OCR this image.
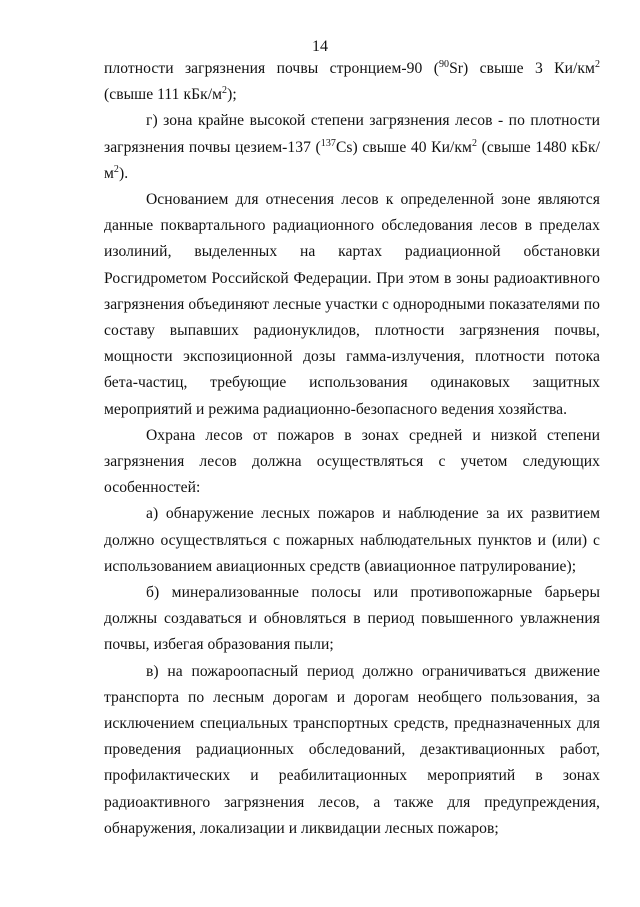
14

плотности загрязнения почвы стронцием-90 ($^{90}$Sr) свыше 3 $Ки/км^2$ (свыше 111 кБк/$м^2$);

г) зона крайне высокой степени загрязнения лесов - по плотности загрязнения почвы цезием-137 ($^{137}$Cs) свыше 40 $Ки/км^2$ (свыше 1480 кБк/$м^2$).

Основанием для отнесения лесов к определенной зоне являются данные поквартального радиационного обследования лесов в пределах изолиний, выделенных на картах радиационной обстановки Росгидрометом Российской Федерации. При этом в зоны радиоактивного загрязнения объединяют лесные участки с однородными показателями по составу выпавших радионуклидов, плотности загрязнения почвы, мощности экспозиционной дозы гамма-излучения, плотности потока бета-частиц, требующие использования одинаковых защитных мероприятий и режима радиационно-безопасного ведения хозяйства.

Охрана лесов от пожаров в зонах средней и низкой степени загрязнения лесов должна осуществляться с учетом следующих особенностей:

а) обнаружение лесных пожаров и наблюдение за их развитием должно осуществляться с пожарных наблюдательных пунктов и (или) с использованием авиационных средств (авиационное патрулирование);

б) минерализованные полосы или противопожарные барьеры должны создаваться и обновляться в период повышенного увлажнения почвы, избегая образования пыли;

в) на пожароопасный период должно ограничиваться движение транспорта по лесным дорогам и дорогам необщего пользования, за исключением специальных транспортных средств, предназначенных для проведения радиационных обследований, дезактивационных работ, профилактических и реабилитационных мероприятий в зонах радиоактивного загрязнения лесов, а также для предупреждения, обнаружения, локализации и ликвидации лесных пожаров;
